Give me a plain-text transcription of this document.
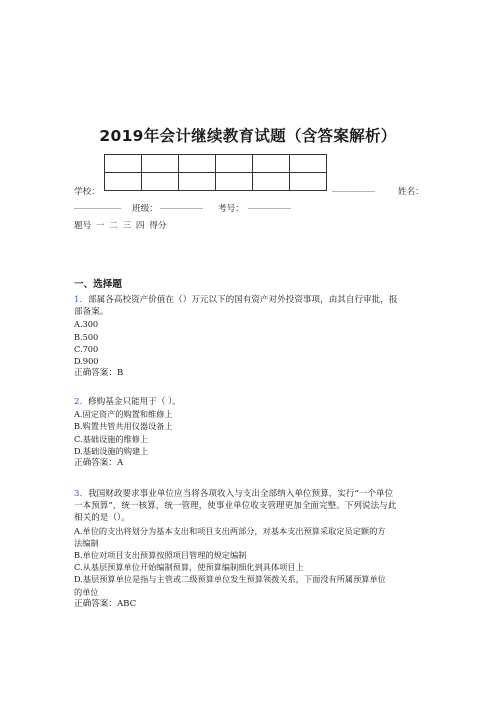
2019年会计继续教育试题（含答案解析）

学校：	__________	姓名：
___________ 班级： __________ 考号： __________
题号 一 二 三 四 得分
一、选择题

1．部属各高校资产价值在（）万元以下的国有资产对外投资事项，由其自行审批，报

部备案。

A.300

B.500

C.700

D.900

正确答案：B

2．修购基金只能用于（ ）。

A.固定资产的购置和维修上

B.购置共管共用仪器设备上

C.基础设施的维修上

D.基础设施的购建上

正确答案：A

3．我国财政要求事业单位应当将各项收入与支出全部纳入单位预算，实行“一个单位

一本预算”，统一核算，统一管理，使事业单位收支管理更加全面完整。下列说法与此

相关的是（）。

A.单位的支出将划分为基本支出和项目支出两部分，对基本支出预算采取定员定额的方

法编制

B.单位对项目支出预算按照项目管理的规定编制

C.从基层预算单位开始编制预算，使预算编制细化到具体项目上

D.基层预算单位是指与主管或二级预算单位发生预算领拨关系，下面没有所属预算单位

的单位

正确答案：ABC
